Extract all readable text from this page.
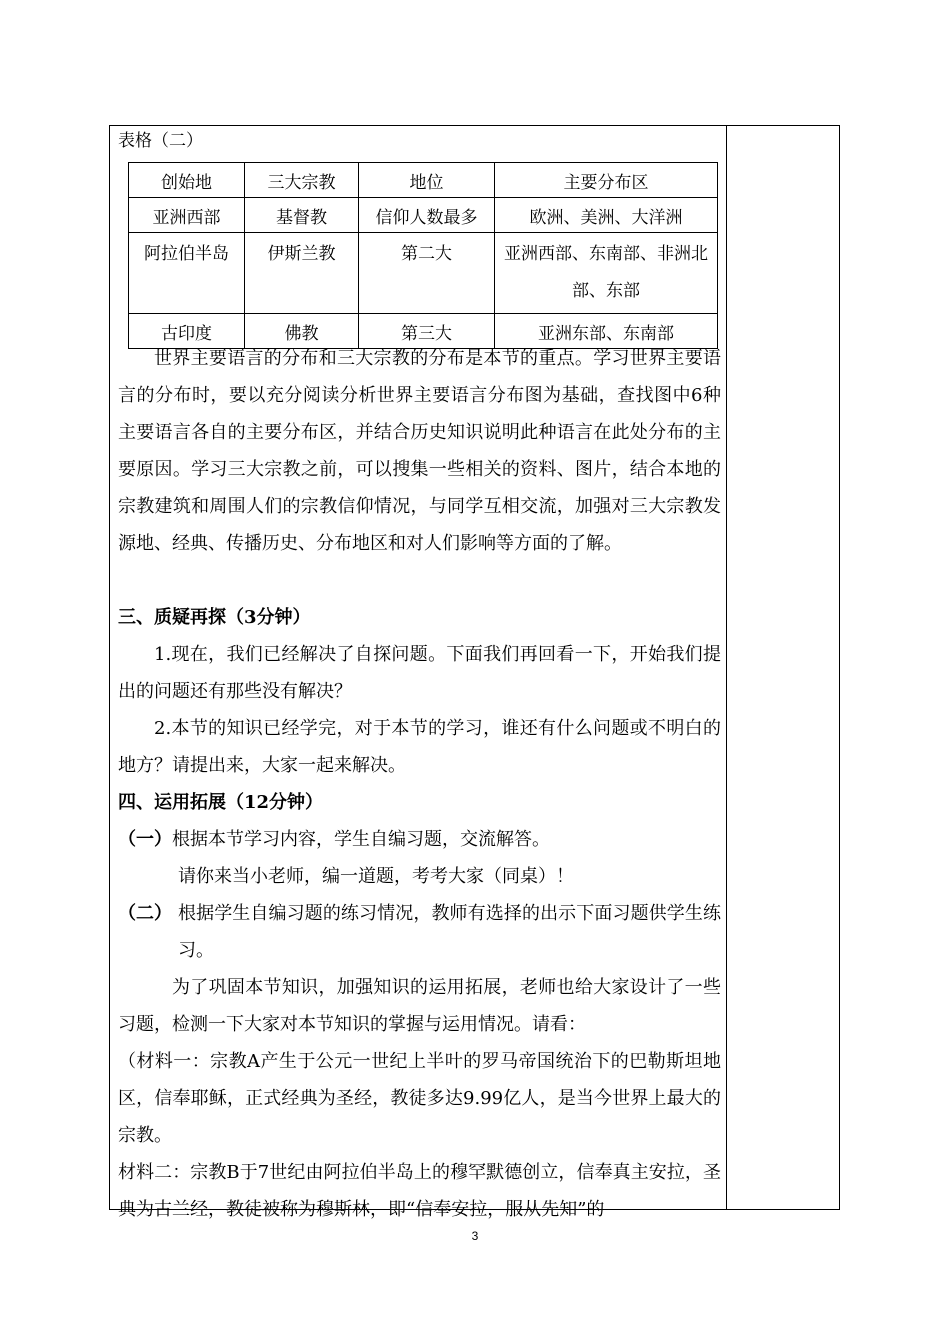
表格（二）
创始地	三大宗教	地位	主要分布区
亚洲西部	基督教	信仰人数最多	欧洲、美洲、大洋洲
阿拉伯半岛	伊斯兰教	第二大	亚洲西部、东南部、非洲北部、东部
古印度	佛教	第三大	亚洲东部、东南部
世界主要语言的分布和三大宗教的分布是本节的重点。学习世界主要语言的分布时，要以充分阅读分析世界主要语言分布图为基础，查找图中6种主要语言各自的主要分布区，并结合历史知识说明此种语言在此处分布的主要原因。学习三大宗教之前，可以搜集一些相关的资料、图片，结合本地的宗教建筑和周围人们的宗教信仰情况，与同学互相交流，加强对三大宗教发源地、经典、传播历史、分布地区和对人们影响等方面的了解。
三、质疑再探（3分钟）
1.现在，我们已经解决了自探问题。下面我们再回看一下，开始我们提出的问题还有那些没有解决？
2.本节的知识已经学完，对于本节的学习，谁还有什么问题或不明白的地方？请提出来，大家一起来解决。
四、运用拓展（12分钟）
（一）根据本节学习内容，学生自编习题，交流解答。
请你来当小老师，编一道题，考考大家（同桌）！
（二） 根据学生自编习题的练习情况，教师有选择的出示下面习题供学生练习。
为了巩固本节知识，加强知识的运用拓展，老师也给大家设计了一些习题，检测一下大家对本节知识的掌握与运用情况。请看：
（材料一：宗教A产生于公元一世纪上半叶的罗马帝国统治下的巴勒斯坦地区，信奉耶稣，正式经典为圣经，教徒多达9.99亿人，是当今世界上最大的宗教。
材料二：宗教B于7世纪由阿拉伯半岛上的穆罕默德创立，信奉真主安拉，圣典为古兰经，教徒被称为穆斯林，即“信奉安拉，服从先知”的
3
